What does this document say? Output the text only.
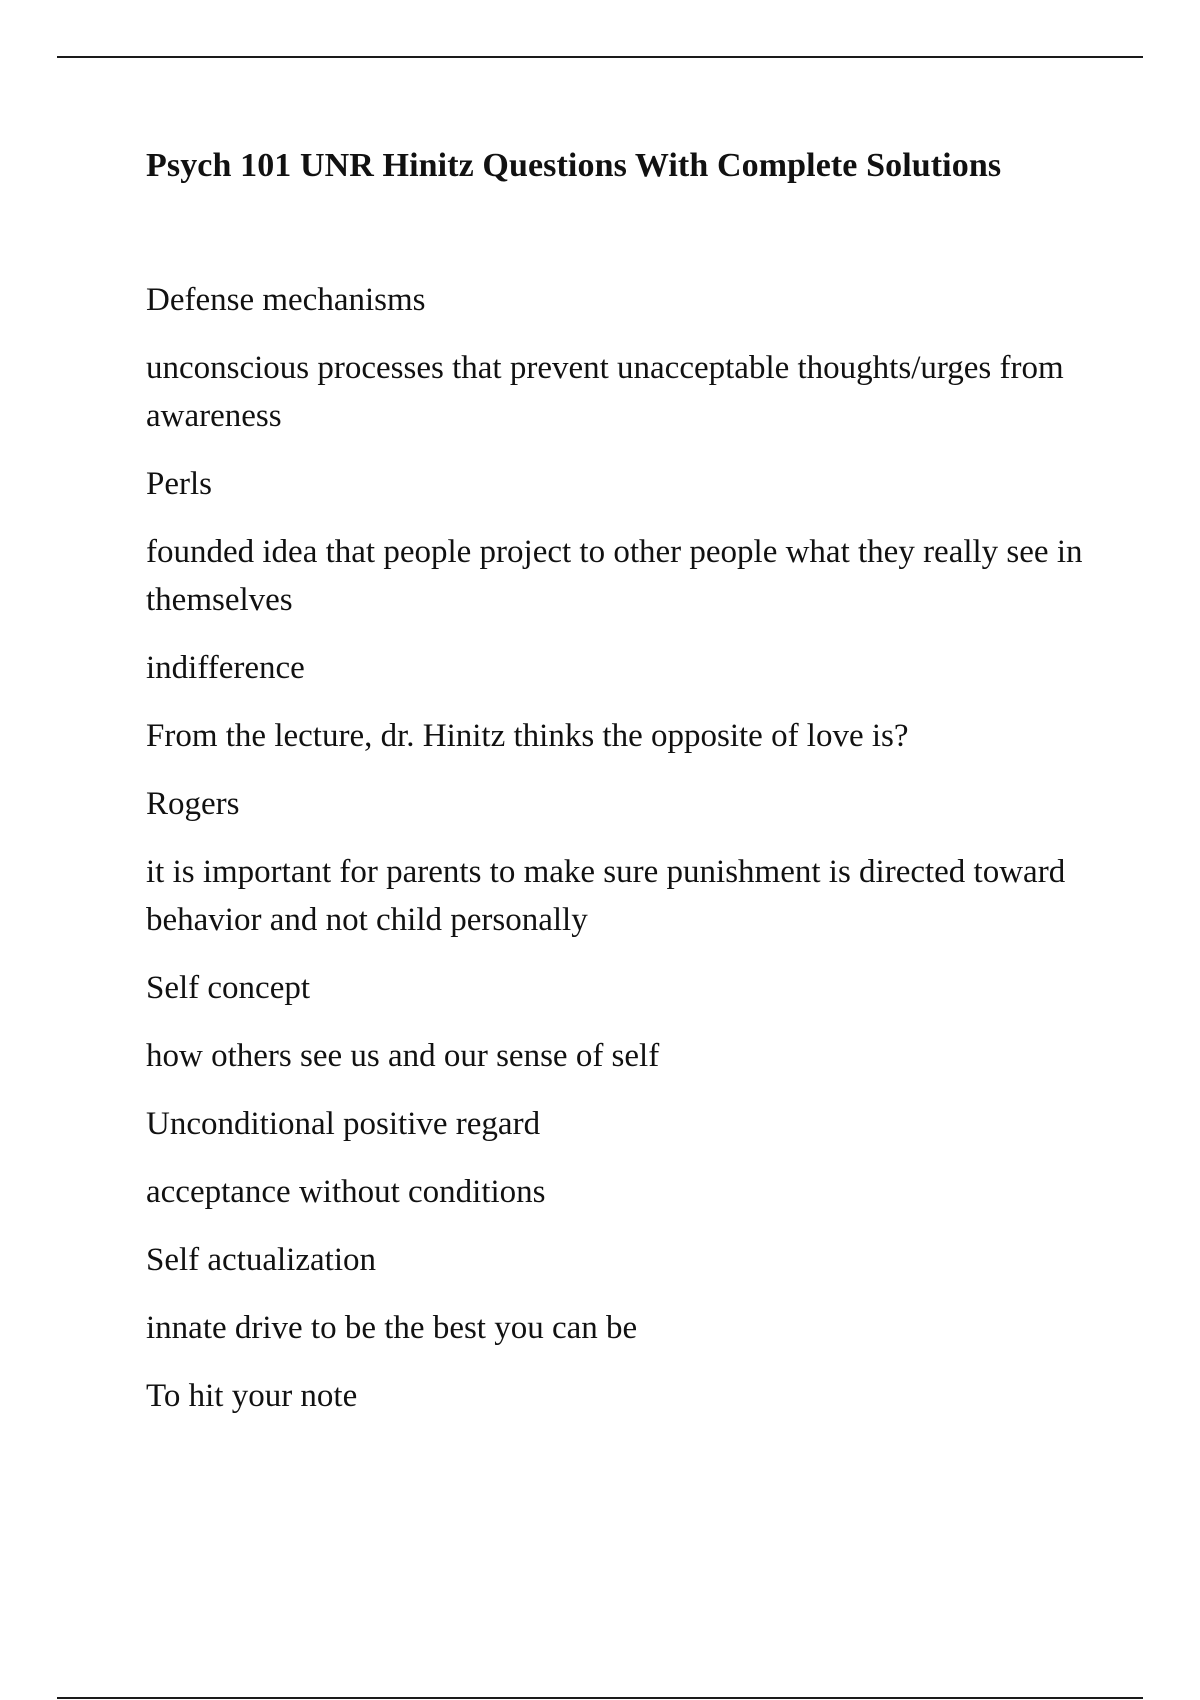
Psych 101 UNR Hinitz Questions With Complete Solutions
Defense mechanisms
unconscious processes that prevent unacceptable thoughts/urges from awareness
Perls
founded idea that people project to other people what they really see in themselves
indifference
From the lecture, dr. Hinitz thinks the opposite of love is?
Rogers
it is important for parents to make sure punishment is directed toward behavior and not child personally
Self concept
how others see us and our sense of self
Unconditional positive regard
acceptance without conditions
Self actualization
innate drive to be the best you can be
To hit your note
